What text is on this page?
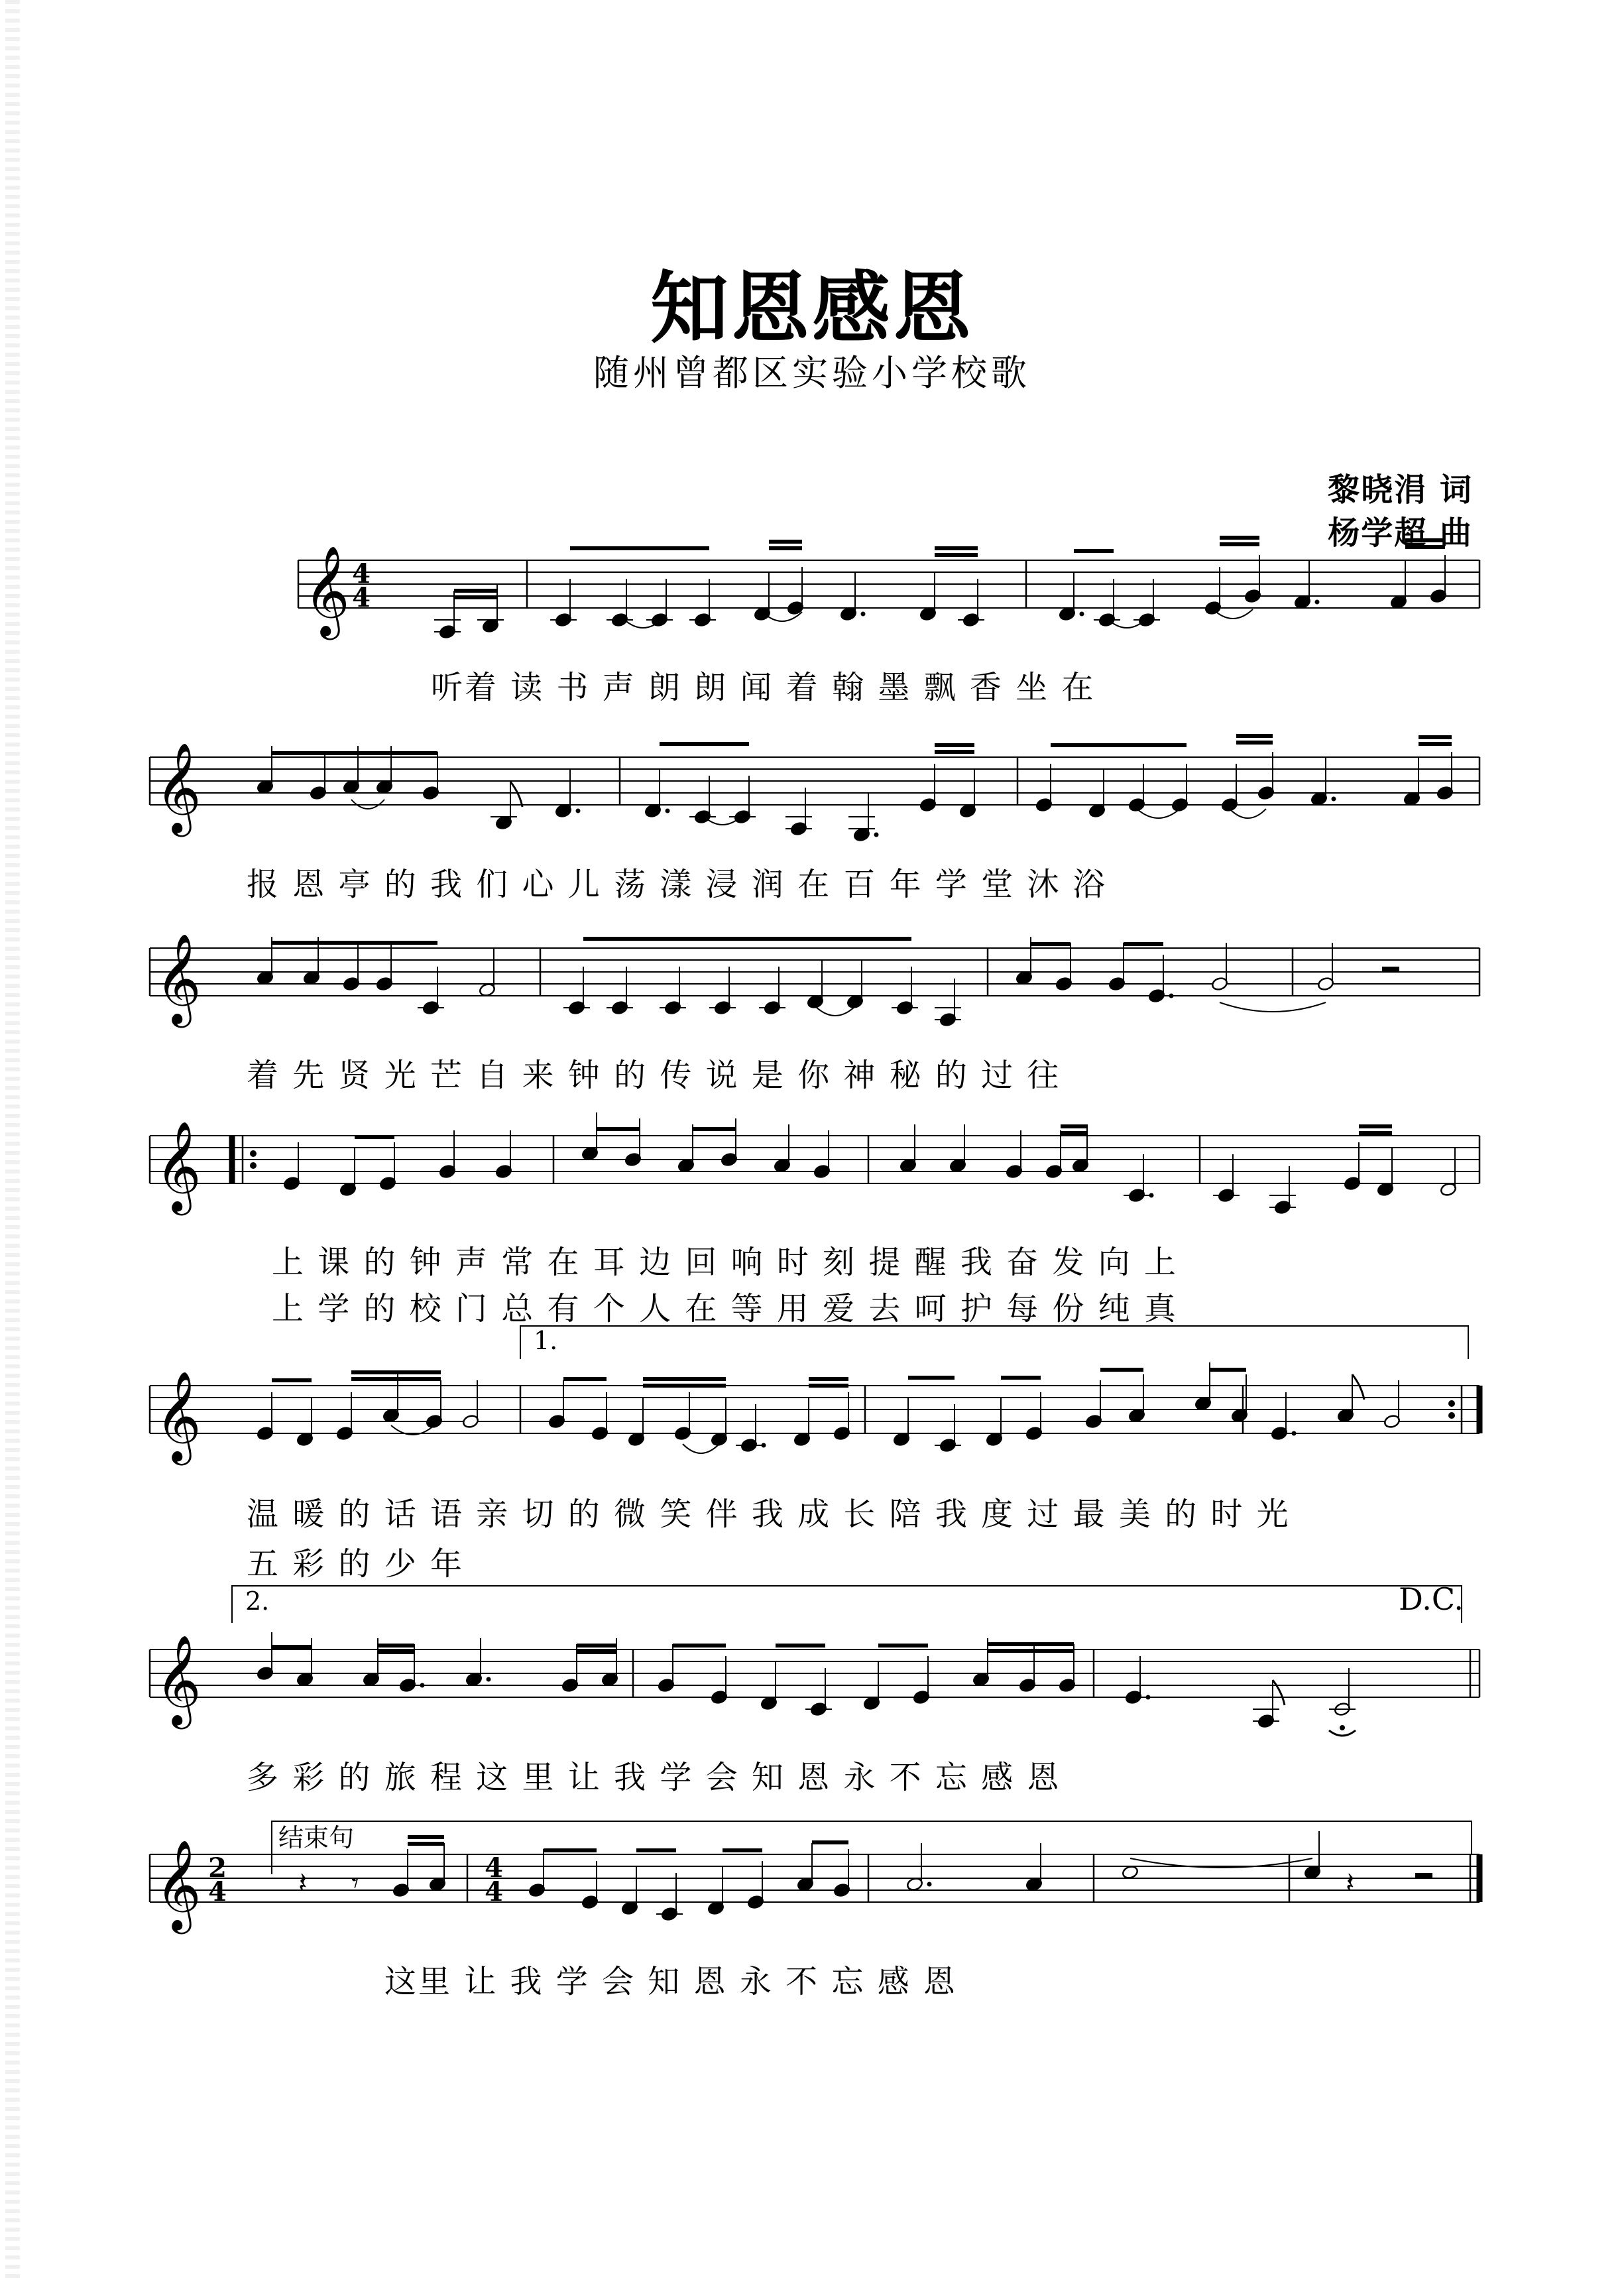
知恩感恩
随州曾都区实验小学校歌
黎晓涓 词
杨学超 曲
𝄞
𝄞
𝄞
𝄞
𝄞
𝄞
𝄞
4
4
1.
2.	D.C.
2
4
4
4
𝄽 𝄾	𝄽
结束句
听着 读 书 声 朗 朗 闻 着 翰 墨 飘 香 坐 在
报 恩 亭 的 我 们 心 儿 荡 漾 浸 润 在 百 年 学 堂 沐 浴
着 先 贤 光 芒 自 来 钟 的 传 说 是 你 神 秘 的 过 往
上 课 的 钟 声 常 在 耳 边 回 响 时 刻 提 醒 我 奋 发 向 上
上 学 的 校 门 总 有 个 人 在 等 用 爱 去 呵 护 每 份 纯 真
温 暖 的 话 语 亲 切 的 微 笑 伴 我 成 长 陪 我 度 过 最 美 的 时 光
五 彩 的 少 年
多 彩 的 旅 程 这 里 让 我 学 会 知 恩 永 不 忘 感 恩
这里 让 我 学 会 知 恩 永 不 忘 感 恩
